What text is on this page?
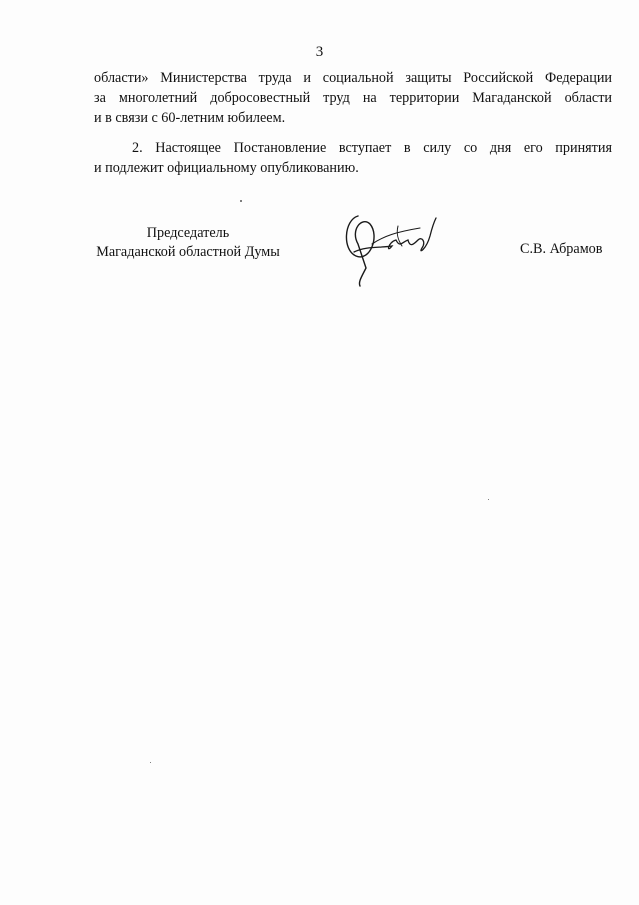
3
области» Министерства труда и социальной защиты Российской Федерации
за многолетний добросовестный труд на территории Магаданской области
и в связи с 60-летним юбилеем.
2. Настоящее Постановление вступает в силу со дня его принятия
и подлежит официальному опубликованию.
Председатель
Магаданской областной Думы	С.В. Абрамов
